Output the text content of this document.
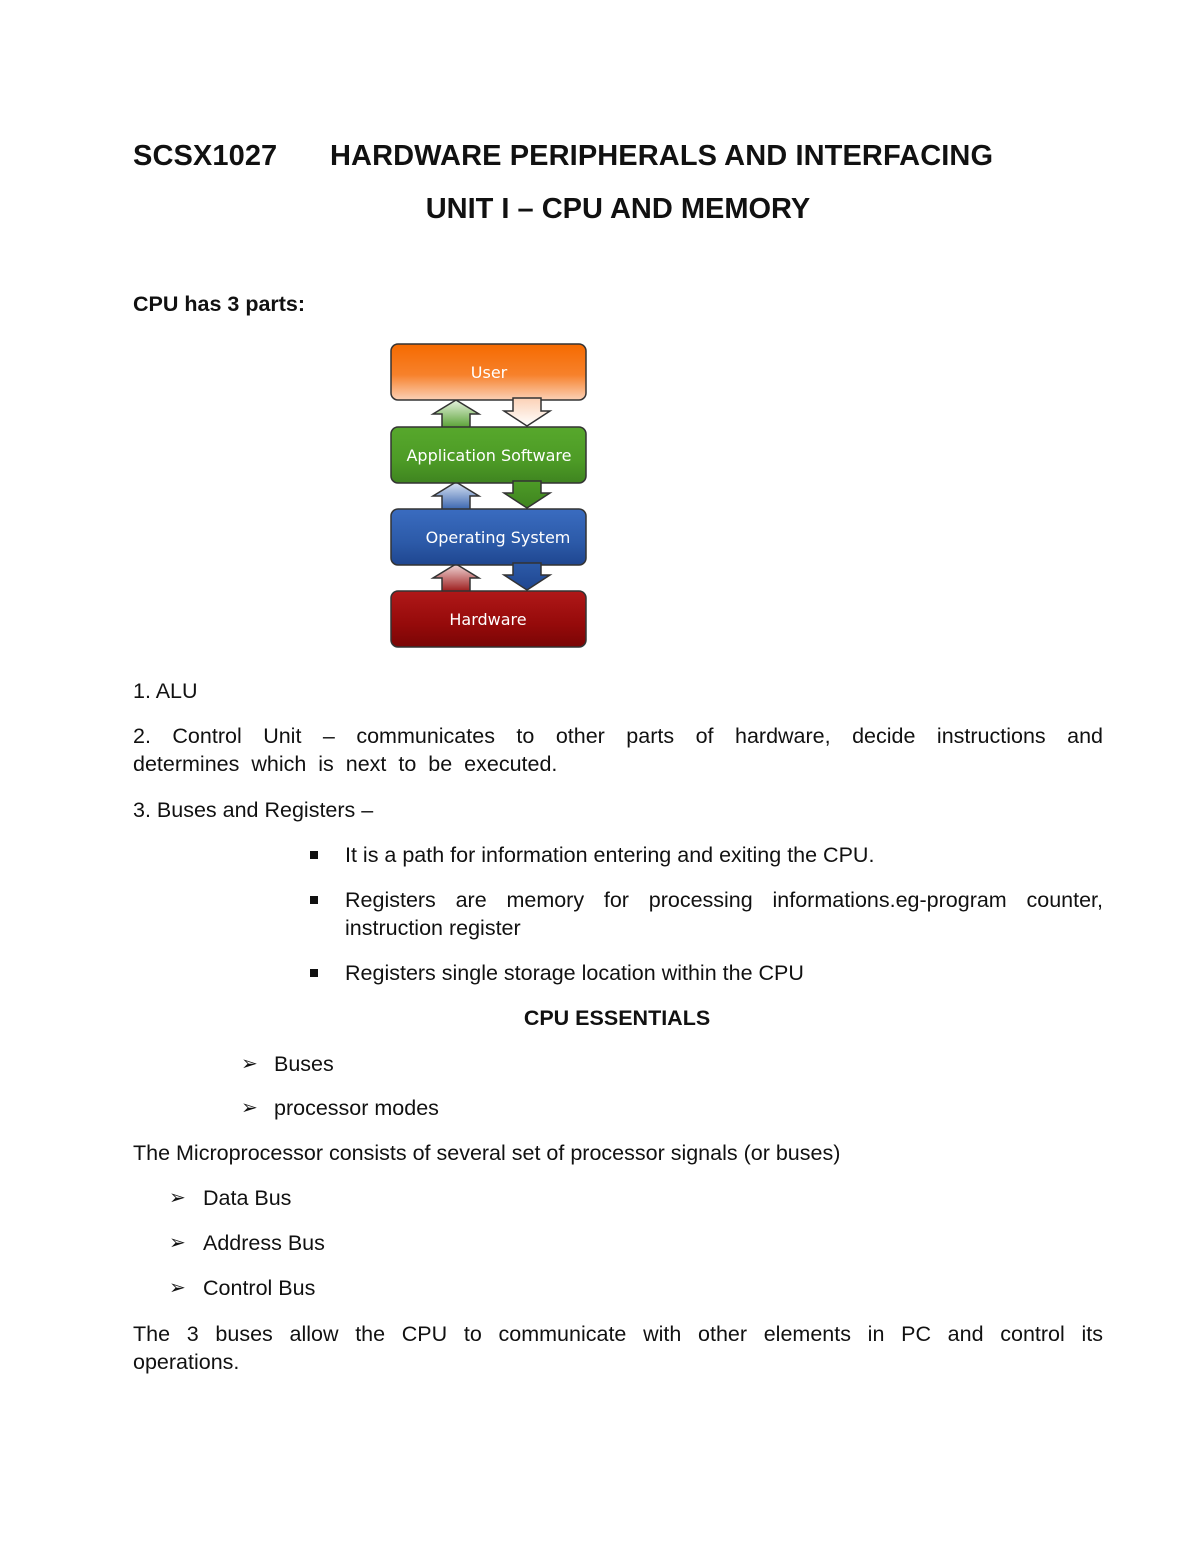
SCSX1027 HARDWARE PERIPHERALS AND INTERFACING
UNIT I – CPU AND MEMORY
CPU has 3 parts:
User
Application Software
Operating System
Hardware
1. ALU
2. Control Unit – communicates to other parts of hardware, decide instructions and determines which is next to be executed.
3. Buses and Registers –
It is a path for information entering and exiting the CPU.
Registers are memory for processing informations.eg-program counter, instruction register
Registers single storage location within the CPU
CPU ESSENTIALS
➢ Buses
➢ processor modes
The Microprocessor consists of several set of processor signals (or buses)
➢ Data Bus
➢ Address Bus
➢ Control Bus
The 3 buses allow the CPU to communicate with other elements in PC and control its operations.
